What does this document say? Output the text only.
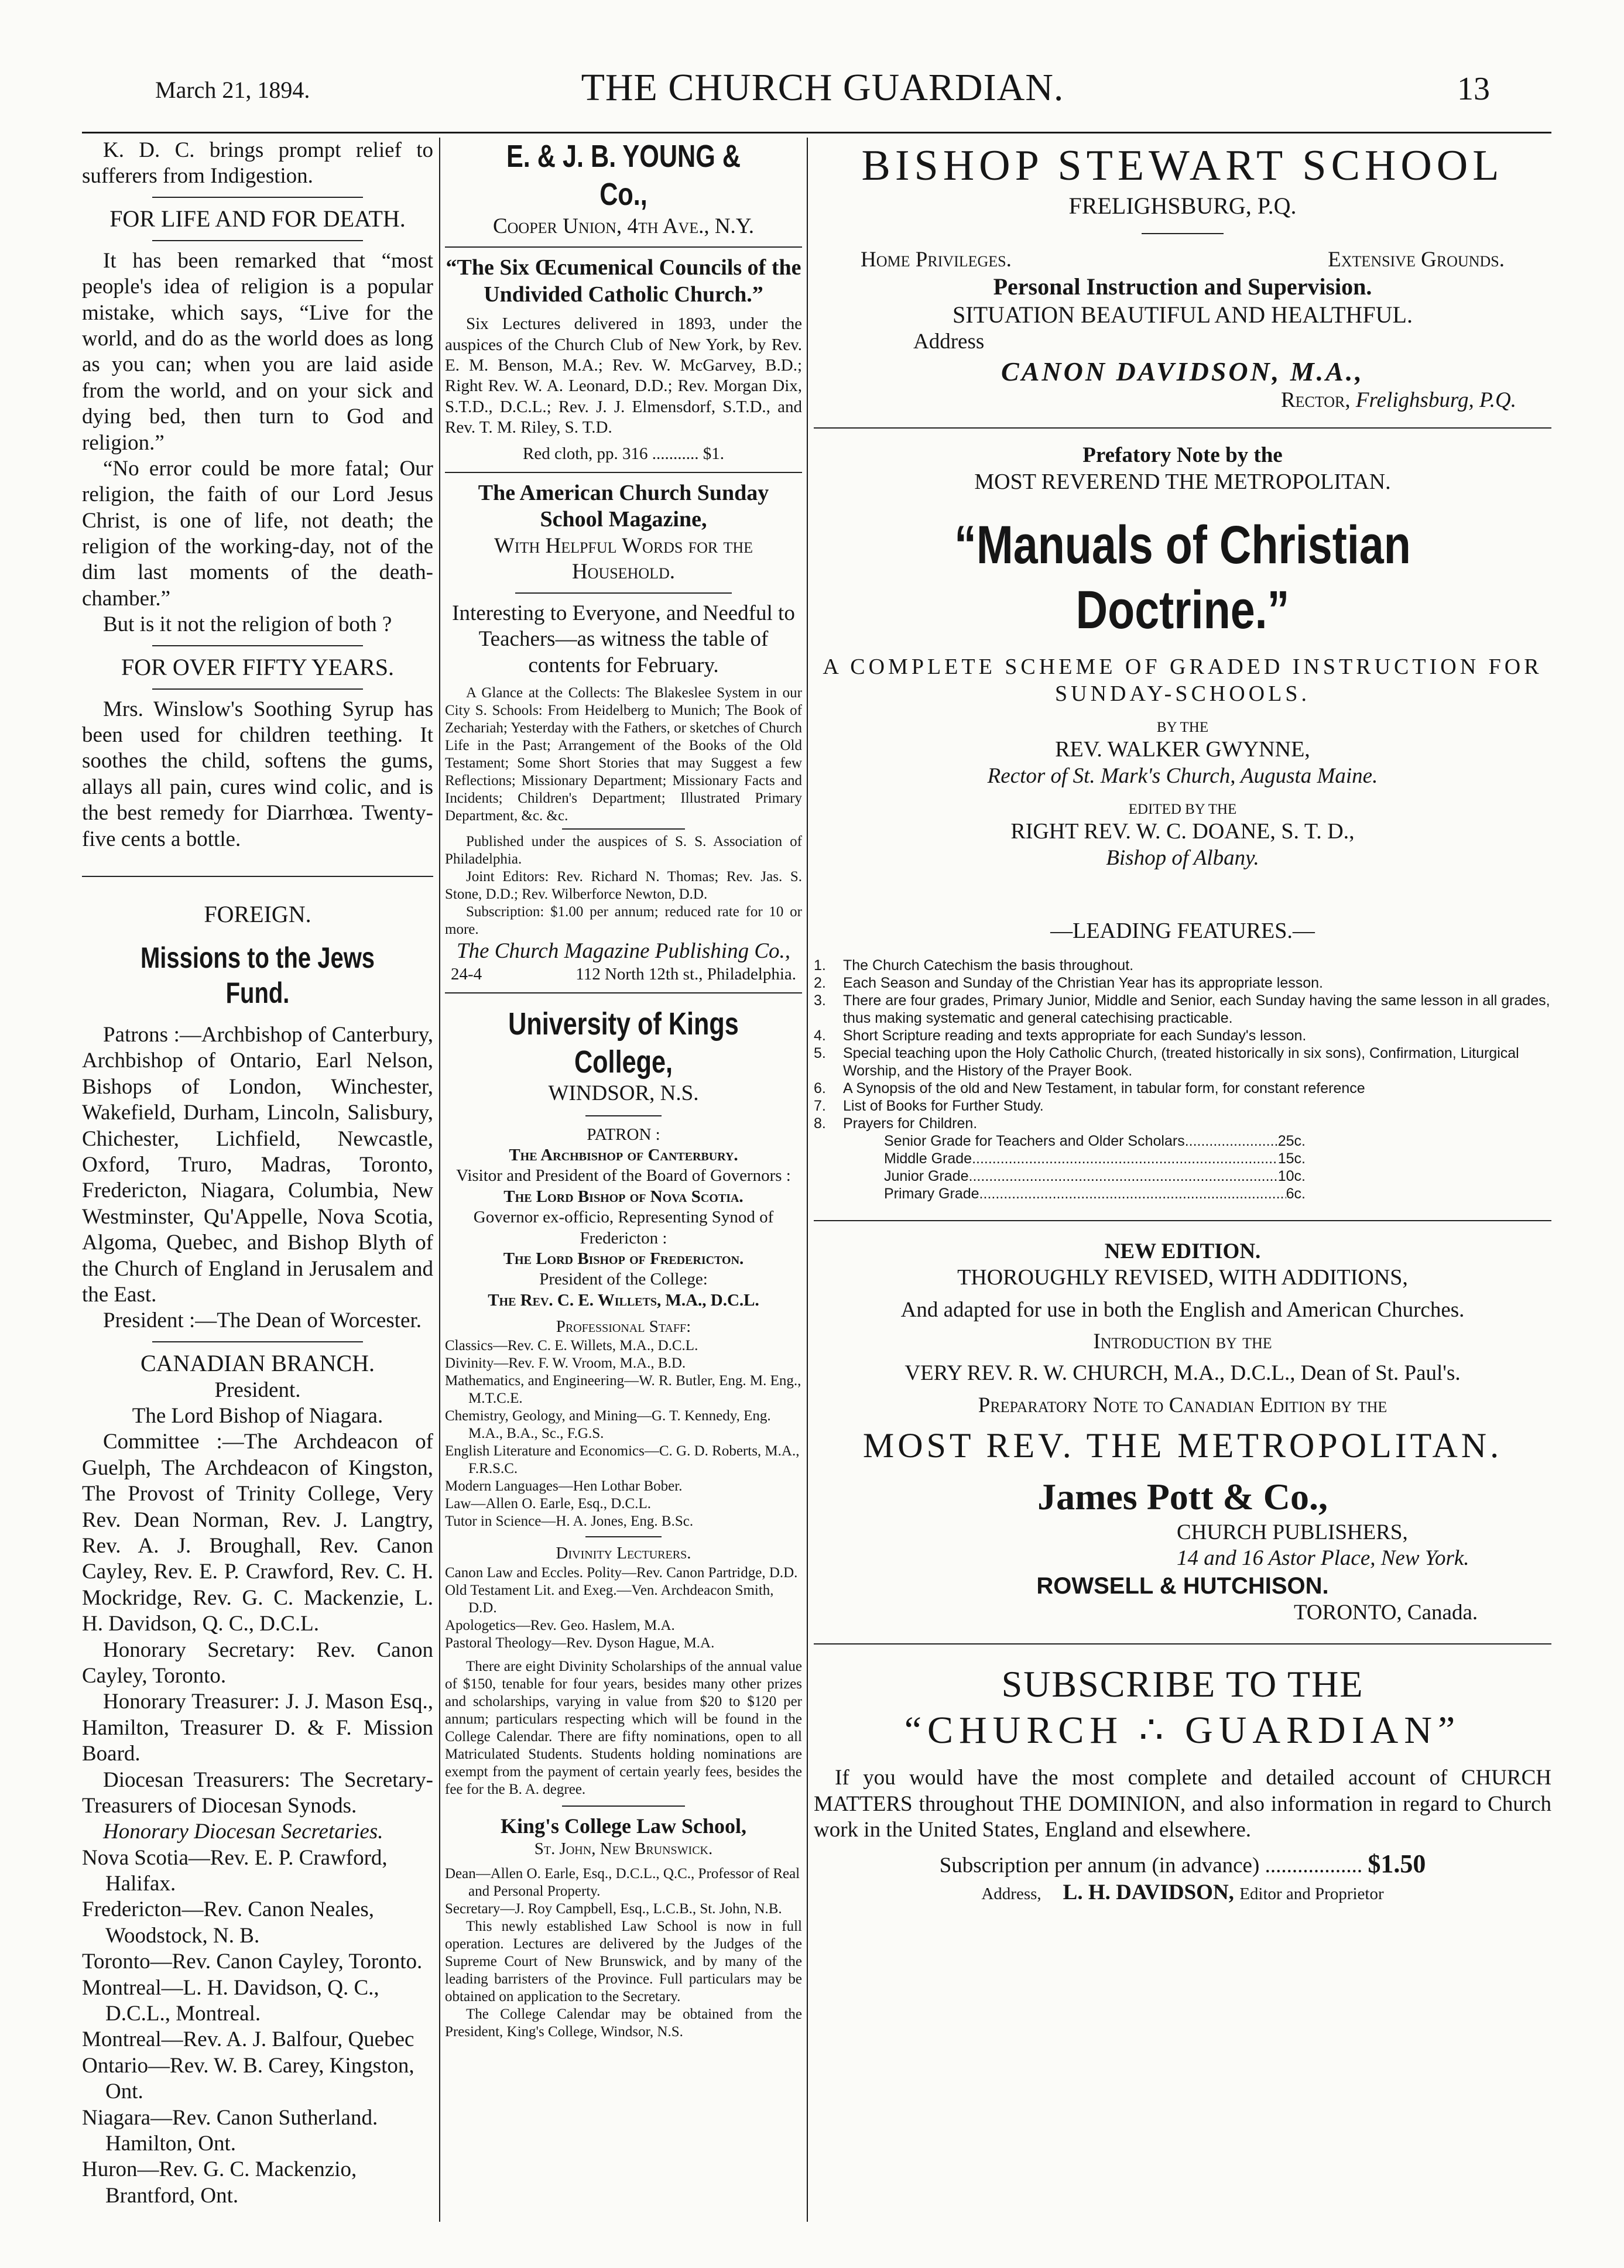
March 21, 1894.	THE CHURCH GUARDIAN.	13

K. D. C. brings prompt relief to sufferers from Indigestion.

FOR LIFE AND FOR DEATH.

It has been remarked that “most people's idea of religion is a popular mistake, which says, “Live for the world, and do as the world does as long as you can; when you are laid aside from the world, and on your sick and dying bed, then turn to God and religion.”

“No error could be more fatal; Our religion, the faith of our Lord Jesus Christ, is one of life, not death; the religion of the working-day, not of the dim last moments of the death-chamber.”

But is it not the religion of both ?

FOR OVER FIFTY YEARS.

Mrs. Winslow's Soothing Syrup has been used for children teething. It soothes the child, softens the gums, allays all pain, cures wind colic, and is the best remedy for Diarrhœa. Twenty-five cents a bottle.

FOREIGN.

Missions to the Jews Fund.

Patrons :—Archbishop of Canterbury, Archbishop of Ontario, Earl Nelson, Bishops of London, Winchester, Wakefield, Durham, Lincoln, Salisbury, Chichester, Lichfield, Newcastle, Oxford, Truro, Madras, Toronto, Fredericton, Niagara, Columbia, New Westminster, Qu'Appelle, Nova Scotia, Algoma, Quebec, and Bishop Blyth of the Church of England in Jerusalem and the East.

President :—The Dean of Worcester.

CANADIAN BRANCH.

President.

The Lord Bishop of Niagara.

Committee :—The Archdeacon of Guelph, The Archdeacon of Kingston, The Provost of Trinity College, Very Rev. Dean Norman, Rev. J. Langtry, Rev. A. J. Broughall, Rev. Canon Cayley, Rev. E. P. Crawford, Rev. C. H. Mockridge, Rev. G. C. Mackenzie, L. H. Davidson, Q. C., D.C.L.

Honorary Secretary: Rev. Canon Cayley, Toronto.

Honorary Treasurer: J. J. Mason Esq., Hamilton, Treasurer D. & F. Mission Board.

Diocesan Treasurers: The Secretary-Treasurers of Diocesan Synods.

Honorary Diocesan Secretaries.

Nova Scotia—Rev. E. P. Crawford, Halifax.

Fredericton—Rev. Canon Neales, Woodstock, N. B.

Toronto—Rev. Canon Cayley, Toronto.

Montreal—L. H. Davidson, Q. C., D.C.L., Montreal.

Montreal—Rev. A. J. Balfour, Quebec

Ontario—Rev. W. B. Carey, Kingston, Ont.

Niagara—Rev. Canon Sutherland. Hamilton, Ont.

Huron—Rev. G. C. Mackenzio, Brantford, Ont.

E. & J. B. YOUNG & Co.,

Cooper Union, 4th Ave., N.Y.

“The Six Œcumenical Councils of the Undivided Catholic Church.”

Six Lectures delivered in 1893, under the auspices of the Church Club of New York, by Rev. E. M. Benson, M.A.; Rev. W. McGarvey, B.D.; Right Rev. W. A. Leonard, D.D.; Rev. Morgan Dix, S.T.D., D.C.L.; Rev. J. J. Elmensdorf, S.T.D., and Rev. T. M. Riley, S. T.D.

Red cloth, pp. 316 ........... $1.

The American Church Sunday School Magazine,

With Helpful Words for the Household.

Interesting to Everyone, and Needful to Teachers—as witness the table of contents for February.

A Glance at the Collects: The Blakeslee System in our City S. Schools: From Heidelberg to Munich; The Book of Zechariah; Yesterday with the Fathers, or sketches of Church Life in the Past; Arrangement of the Books of the Old Testament; Some Short Stories that may Suggest a few Reflections; Missionary Department; Missionary Facts and Incidents; Children's Department; Illustrated Primary Department, &c. &c.

Published under the auspices of S. S. Association of Philadelphia.

Joint Editors: Rev. Richard N. Thomas; Rev. Jas. S. Stone, D.D.; Rev. Wilberforce Newton, D.D.

Subscription: $1.00 per annum; reduced rate for 10 or more.

The Church Magazine Publishing Co.,

24-4	112 North 12th st., Philadelphia.

University of Kings College,

WINDSOR, N.S.

PATRON :

The Archbishop of Canterbury.

Visitor and President of the Board of Governors :

The Lord Bishop of Nova Scotia.

Governor ex-officio, Representing Synod of Fredericton :

The Lord Bishop of Fredericton.

President of the College:

The Rev. C. E. Willets, M.A., D.C.L.

Professional Staff:

Classics—Rev. C. E. Willets, M.A., D.C.L.

Divinity—Rev. F. W. Vroom, M.A., B.D.

Mathematics, and Engineering—W. R. Butler, Eng. M. Eng., M.T.C.E.

Chemistry, Geology, and Mining—G. T. Kennedy, Eng. M.A., B.A., Sc., F.G.S.

English Literature and Economics—C. G. D. Roberts, M.A., F.R.S.C.

Modern Languages—Hen Lothar Bober.

Law—Allen O. Earle, Esq., D.C.L.

Tutor in Science—H. A. Jones, Eng. B.Sc.

Divinity Lecturers.

Canon Law and Eccles. Polity—Rev. Canon Partridge, D.D.

Old Testament Lit. and Exeg.—Ven. Archdeacon Smith, D.D.

Apologetics—Rev. Geo. Haslem, M.A.

Pastoral Theology—Rev. Dyson Hague, M.A.

There are eight Divinity Scholarships of the annual value of $150, tenable for four years, besides many other prizes and scholarships, varying in value from $20 to $120 per annum; particulars respecting which will be found in the College Calendar. There are fifty nominations, open to all Matriculated Students. Students holding nominations are exempt from the payment of certain yearly fees, besides the fee for the B. A. degree.

King's College Law School,

St. John, New Brunswick.

Dean—Allen O. Earle, Esq., D.C.L., Q.C., Professor of Real and Personal Property.

Secretary—J. Roy Campbell, Esq., L.C.B., St. John, N.B.

This newly established Law School is now in full operation. Lectures are delivered by the Judges of the Supreme Court of New Brunswick, and by many of the leading barristers of the Province. Full particulars may be obtained on application to the Secretary.

The College Calendar may be obtained from the President, King's College, Windsor, N.S.

BISHOP STEWART SCHOOL

FRELIGHSBURG, P.Q.

Home Privileges.	Extensive Grounds.

Personal Instruction and Supervision.

SITUATION BEAUTIFUL AND HEALTHFUL.

Address

CANON DAVIDSON, M.A.,

Rector, Frelighsburg, P.Q.

Prefatory Note by the

MOST REVEREND THE METROPOLITAN.

“Manuals of Christian Doctrine.”

A COMPLETE SCHEME OF GRADED INSTRUCTION FOR SUNDAY-SCHOOLS.

BY THE

REV. WALKER GWYNNE,

Rector of St. Mark's Church, Augusta Maine.

EDITED BY THE

RIGHT REV. W. C. DOANE, S. T. D.,

Bishop of Albany.

—LEADING FEATURES.—

1.	The Church Catechism the basis throughout.
2.	Each Season and Sunday of the Christian Year has its appropriate lesson.
3.	There are four grades, Primary Junior, Middle and Senior, each Sunday having the same lesson in all grades, thus making systematic and general catechising practicable.
4.	Short Scripture reading and texts appropriate for each Sunday's lesson.
5.	Special teaching upon the Holy Catholic Church, (treated historically in six sons), Confirmation, Liturgical Worship, and the History of the Prayer Book.
6.	A Synopsis of the old and New Testament, in tabular form, for constant reference
7.	List of Books for Further Study.
8.	Prayers for Children.
Senior Grade for Teachers and Older Scholars .....	25c.
Middle Grade .....	15c.
Junior Grade .....	10c.
Primary Grade .....	6c.

NEW EDITION.

THOROUGHLY REVISED, WITH ADDITIONS,

And adapted for use in both the English and American Churches.

Introduction by the

VERY REV. R. W. CHURCH, M.A., D.C.L., Dean of St. Paul's.

Preparatory Note to Canadian Edition by the

MOST REV. THE METROPOLITAN.

James Pott & Co.,

CHURCH PUBLISHERS,

14 and 16 Astor Place, New York.

ROWSELL & HUTCHISON.

TORONTO, Canada.

SUBSCRIBE TO THE

“CHURCH ∴ GUARDIAN”

If you would have the most complete and detailed account of CHURCH MATTERS throughout THE DOMINION, and also information in regard to Church work in the United States, England and elsewhere.

Subscription per annum (in advance) .................. $1.50

Address, L. H. DAVIDSON, Editor and Proprietor
